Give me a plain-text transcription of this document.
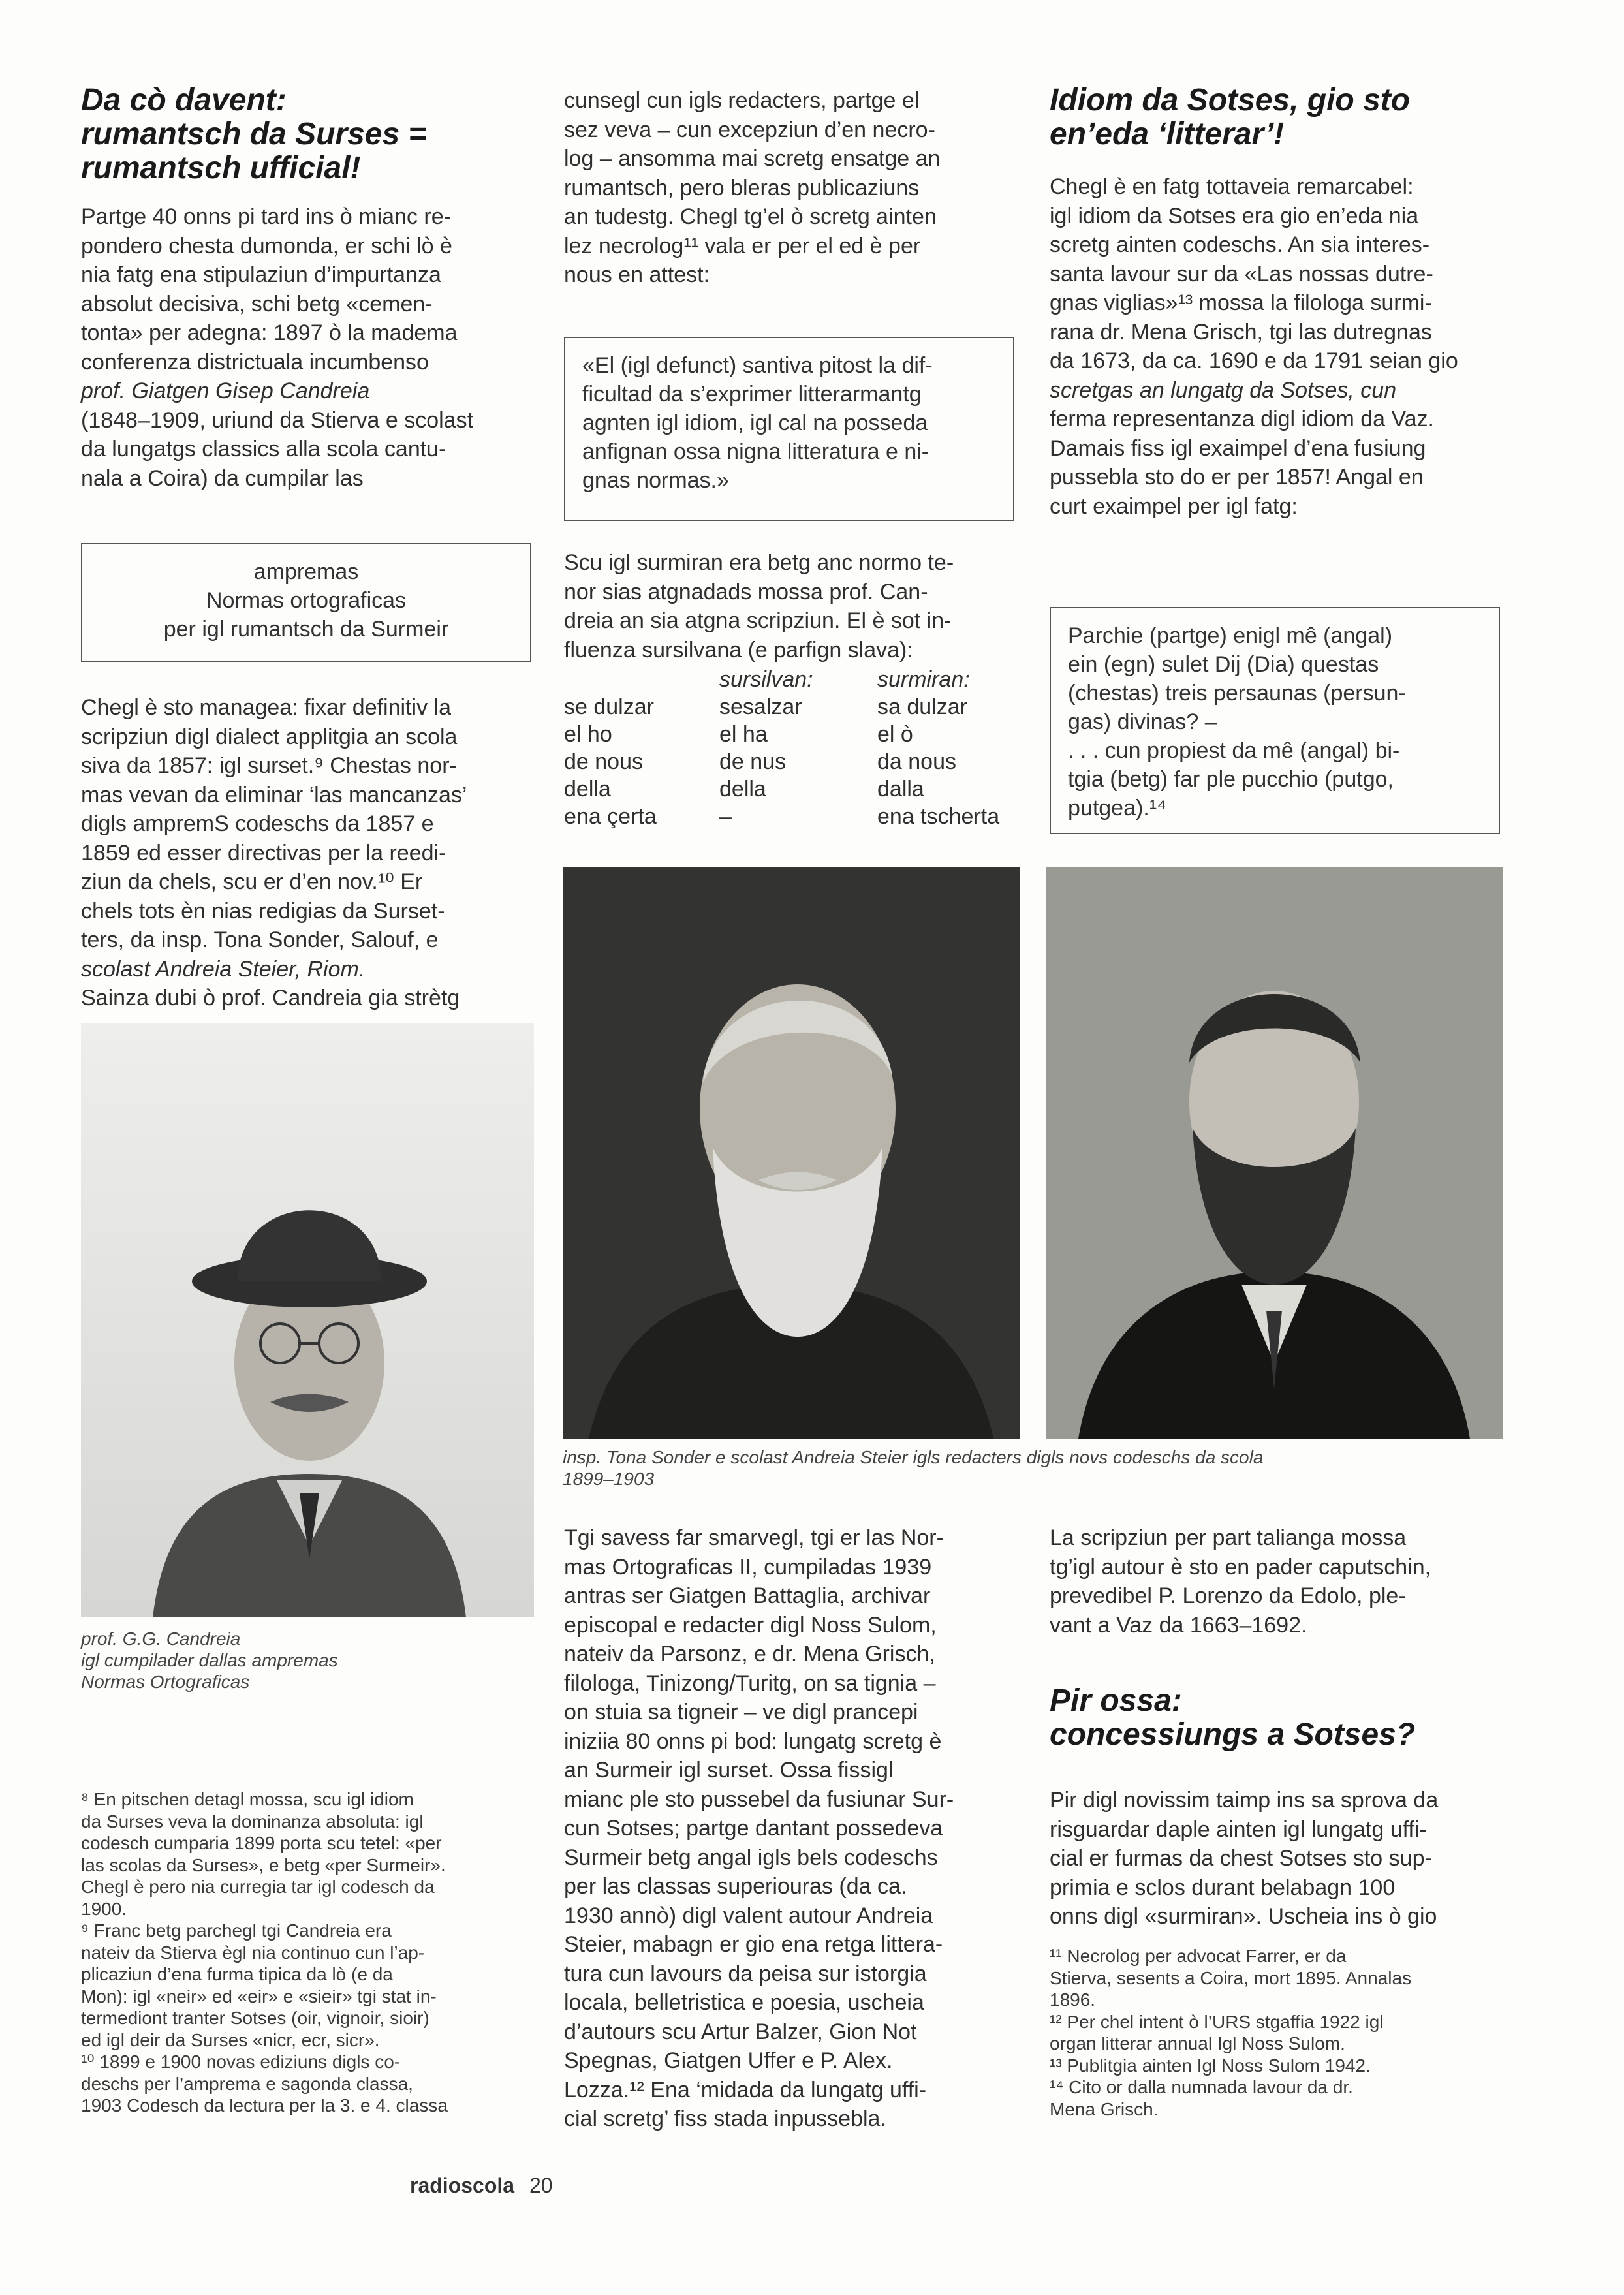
Da cò davent:
rumantsch da Surses =
rumantsch ufficial!

Partge 40 onns pi tard ins ò mianc re-
pondero chesta dumonda, er schi lò è
nia fatg ena stipulaziun d’impurtanza
absolut decisiva, schi betg «cemen-
tonta» per adegna: 1897 ò la madema
conferenza districtuala incumbenso
prof. Giatgen Gisep Candreia
(1848–1909, uriund da Stierva e scolast
da lungatgs classics alla scola cantu-
nala a Coira) da cumpilar las

ampremas
Normas ortograficas
per igl rumantsch da Surmeir

Chegl è sto managea: fixar definitiv la
scripziun digl dialect applitgia an scola
siva da 1857: igl surset.⁹ Chestas nor-
mas vevan da eliminar ‘las mancanzas’
digls ampremS codeschs da 1857 e
1859 ed esser directivas per la reedi-
ziun da chels, scu er d’en nov.¹⁰ Er
chels tots èn nias redigias da Surset-
ters, da insp. Tona Sonder, Salouf, e
scolast Andreia Steier, Riom.
Sainza dubi ò prof. Candreia gia strètg

prof. G.G. Candreia
igl cumpilader dallas ampremas
Normas Ortograficas

⁸ En pitschen detagl mossa, scu igl idiom
da Surses veva la dominanza absoluta: igl
codesch cumparia 1899 porta scu tetel: «per
las scolas da Surses», e betg «per Surmeir».
Chegl è pero nia curregia tar igl codesch da
1900.
⁹ Franc betg parchegl tgi Candreia era
nateiv da Stierva ègl nia continuo cun l’ap-
plicaziun d’ena furma tipica da lò (e da
Mon): igl «neir» ed «eir» e «sieir» tgi stat in-
termediont tranter Sotses (oir, vignoir, sioir)
ed igl deir da Surses «nicr, ecr, sicr».
¹⁰ 1899 e 1900 novas ediziuns digls co-
deschs per l’amprema e sagonda classa,
1903 Codesch da lectura per la 3. e 4. classa

cunsegl cun igls redacters, partge el
sez veva – cun excepziun d’en necro-
log – ansomma mai scretg ensatge an
rumantsch, pero bleras publicaziuns
an tudestg. Chegl tg’el ò scretg ainten
lez necrolog¹¹ vala er per el ed è per
nous en attest:

«El (igl defunct) santiva pitost la dif-
ficultad da s’exprimer litterarmantg
agnten igl idiom, igl cal na posseda
anfignan ossa nigna litteratura e ni-
gnas normas.»

Scu igl surmiran era betg anc normo te-
nor sias atgnadads mossa prof. Can-
dreia an sia atgna scripziun. El è sot in-
fluenza sursilvana (e parfign slava):

	sursilvan:	surmiran:
se dulzar	sesalzar	sa dulzar
el ho	el ha	el ò
de nous	de nus	da nous
della	della	dalla
ena çerta	–	ena tscherta
insp. Tona Sonder e scolast Andreia Steier igls redacters digls novs codeschs da scola
1899–1903

Tgi savess far smarvegl, tgi er las Nor-
mas Ortograficas II, cumpiladas 1939
antras ser Giatgen Battaglia, archivar
episcopal e redacter digl Noss Sulom,
nateiv da Parsonz, e dr. Mena Grisch,
filologa, Tinizong/Turitg, on sa tignia –
on stuia sa tigneir – ve digl prancepi
iniziia 80 onns pi bod: lungatg scretg è
an Surmeir igl surset. Ossa fissigl
mianc ple sto pussebel da fusiunar Sur-
cun Sotses; partge dantant possedeva
Surmeir betg angal igls bels codeschs
per las classas superiouras (da ca.
1930 annò) digl valent autour Andreia
Steier, mabagn er gio ena retga littera-
tura cun lavours da peisa sur istorgia
locala, belletristica e poesia, uscheia
d’autours scu Artur Balzer, Gion Not
Spegnas, Giatgen Uffer e P. Alex.
Lozza.¹² Ena ‘midada da lungatg uffi-
cial scretg’ fiss stada inpussebla.

Idiom da Sotses, gio sto
en’eda ‘litterar’!

Chegl è en fatg tottaveia remarcabel:
igl idiom da Sotses era gio en’eda nia
scretg ainten codeschs. An sia interes-
santa lavour sur da «Las nossas dutre-
gnas viglias»¹³ mossa la filologa surmi-
rana dr. Mena Grisch, tgi las dutregnas
da 1673, da ca. 1690 e da 1791 seian gio
scretgas an lungatg da Sotses, cun
ferma representanza digl idiom da Vaz.
Damais fiss igl exaimpel d’ena fusiung
pussebla sto do er per 1857! Angal en
curt exaimpel per igl fatg:

Parchie (partge) enigl mê (angal)
ein (egn) sulet Dij (Dia) questas
(chestas) treis persaunas (persun-
gas) divinas? –
. . . cun propiest da mê (angal) bi-
tgia (betg) far ple pucchio (putgo,
putgea).¹⁴

La scripziun per part talianga mossa
tg’igl autour è sto en pader caputschin,
prevedibel P. Lorenzo da Edolo, ple-
vant a Vaz da 1663–1692.

Pir ossa:
concessiungs a Sotses?

Pir digl novissim taimp ins sa sprova da
risguardar daple ainten igl lungatg uffi-
cial er furmas da chest Sotses sto sup-
primia e sclos durant belabagn 100
onns digl «surmiran». Uscheia ins ò gio

¹¹ Necrolog per advocat Farrer, er da
Stierva, sesents a Coira, mort 1895. Annalas
1896.
¹² Per chel intent ò l’URS stgaffia 1922 igl
organ litterar annual Igl Noss Sulom.
¹³ Publitgia ainten Igl Noss Sulom 1942.
¹⁴ Cito or dalla numnada lavour da dr.
Mena Grisch.

radioscola 20
